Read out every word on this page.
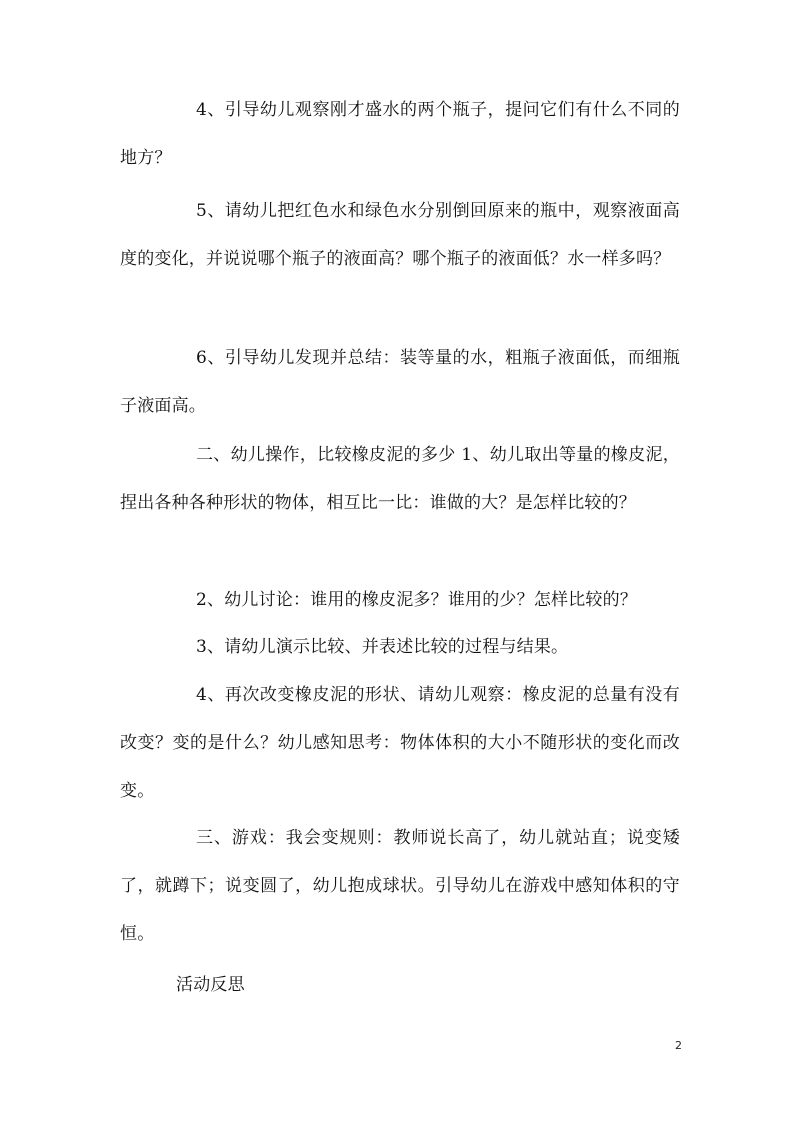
4、引导幼儿观察刚才盛水的两个瓶子，提问它们有什么不同的地方？

5、请幼儿把红色水和绿色水分别倒回原来的瓶中，观察液面高度的变化，并说说哪个瓶子的液面高？哪个瓶子的液面低？水一样多吗？

6、引导幼儿发现并总结：装等量的水，粗瓶子液面低，而细瓶子液面高。

二、幼儿操作，比较橡皮泥的多少 1、幼儿取出等量的橡皮泥，捏出各种各种形状的物体，相互比一比：谁做的大？是怎样比较的？

2、幼儿讨论：谁用的橡皮泥多？谁用的少？怎样比较的？

3、请幼儿演示比较、并表述比较的过程与结果。

4、再次改变橡皮泥的形状、请幼儿观察：橡皮泥的总量有没有改变？变的是什么？幼儿感知思考：物体体积的大小不随形状的变化而改变。

三、游戏：我会变规则：教师说长高了，幼儿就站直；说变矮了，就蹲下；说变圆了，幼儿抱成球状。引导幼儿在游戏中感知体积的守恒。

活动反思

2
